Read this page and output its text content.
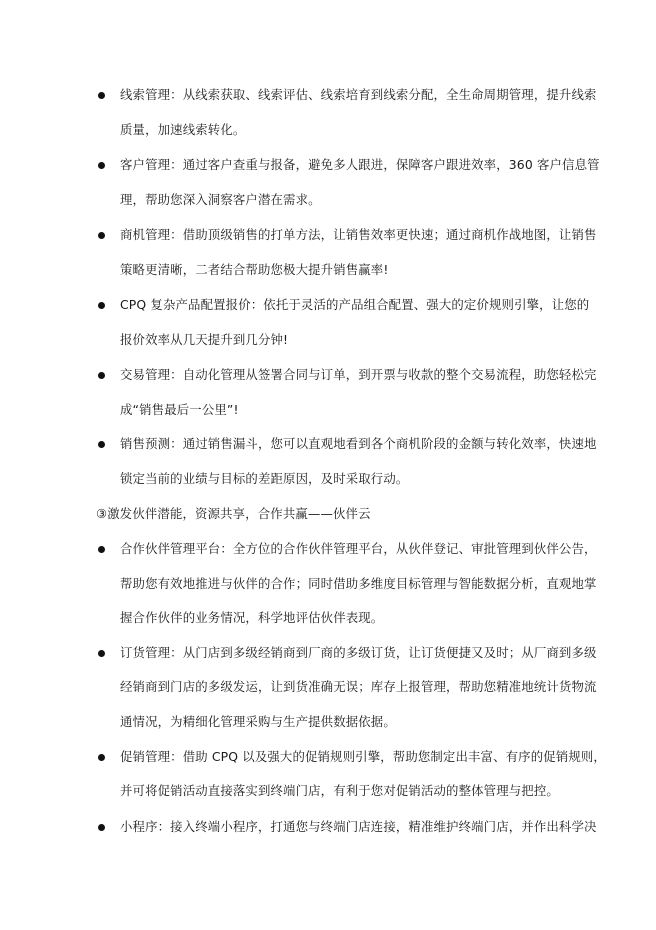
线索管理：从线索获取、线索评估、线索培育到线索分配，全生命周期管理，提升线索
质量，加速线索转化。
客户管理：通过客户查重与报备，避免多人跟进，保障客户跟进效率，360 客户信息管
理，帮助您深入洞察客户潜在需求。
商机管理：借助顶级销售的打单方法，让销售效率更快速；通过商机作战地图，让销售
策略更清晰，二者结合帮助您极大提升销售赢率!
CPQ 复杂产品配置报价：依托于灵活的产品组合配置、强大的定价规则引擎，让您的
报价效率从几天提升到几分钟!
交易管理：自动化管理从签署合同与订单，到开票与收款的整个交易流程，助您轻松完
成“销售最后一公里”!
销售预测：通过销售漏斗，您可以直观地看到各个商机阶段的金额与转化效率，快速地
锁定当前的业绩与目标的差距原因，及时采取行动。
③激发伙伴潜能，资源共享，合作共赢——伙伴云
合作伙伴管理平台：全方位的合作伙伴管理平台，从伙伴登记、审批管理到伙伴公告，
帮助您有效地推进与伙伴的合作；同时借助多维度目标管理与智能数据分析，直观地掌
握合作伙伴的业务情况，科学地评估伙伴表现。
订货管理：从门店到多级经销商到厂商的多级订货，让订货便捷又及时；从厂商到多级
经销商到门店的多级发运，让到货准确无误；库存上报管理，帮助您精准地统计货物流
通情况，为精细化管理采购与生产提供数据依据。
促销管理：借助 CPQ 以及强大的促销规则引擎，帮助您制定出丰富、有序的促销规则，
并可将促销活动直接落实到终端门店，有利于您对促销活动的整体管理与把控。
小程序：接入终端小程序，打通您与终端门店连接，精准维护终端门店，并作出科学决
